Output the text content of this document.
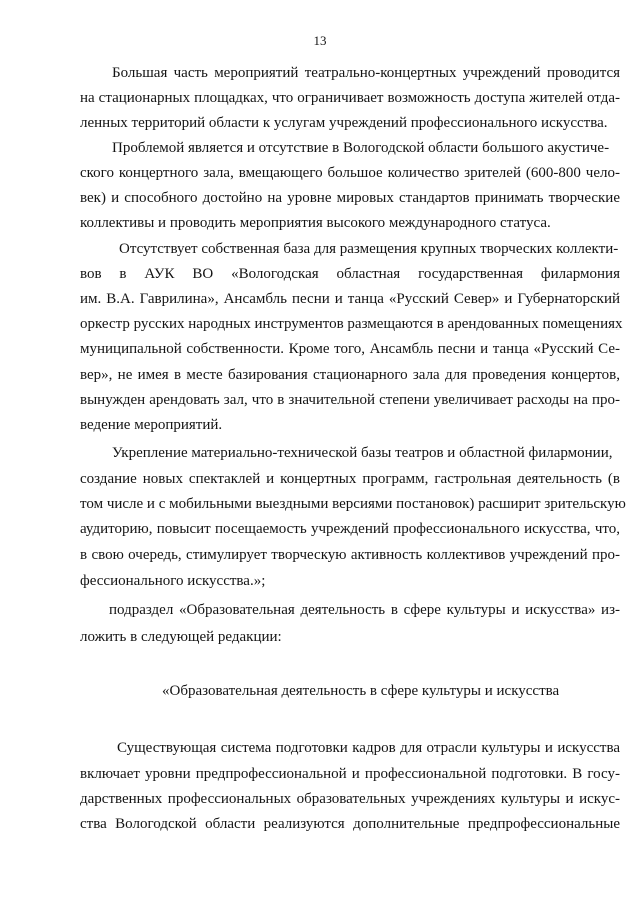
13
Большая часть мероприятий театрально-концертных учреждений проводится
на стационарных площадках, что ограничивает возможность доступа жителей отда-
ленных территорий области к услугам учреждений профессионального искусства.
Проблемой является и отсутствие в Вологодской области большого акустиче-
ского концертного зала, вмещающего большое количество зрителей (600-800 чело-
век) и способного достойно на уровне мировых стандартов принимать творческие
коллективы и проводить мероприятия высокого международного статуса.
Отсутствует собственная база для размещения крупных творческих коллекти-
вов в АУК ВО «Вологодская областная государственная филармония
им. В.А. Гаврилина», Ансамбль песни и танца «Русский Север» и Губернаторский
оркестр русских народных инструментов размещаются в арендованных помещениях
муниципальной собственности. Кроме того, Ансамбль песни и танца «Русский Се-
вер», не имея в месте базирования стационарного зала для проведения концертов,
вынужден арендовать зал, что в значительной степени увеличивает расходы на про-
ведение мероприятий.
Укрепление материально-технической базы театров и областной филармонии,
создание новых спектаклей и концертных программ, гастрольная деятельность (в
том числе и с мобильными выездными версиями постановок) расширит зрительскую
аудиторию, повысит посещаемость учреждений профессионального искусства, что,
в свою очередь, стимулирует творческую активность коллективов учреждений про-
фессионального искусства.»;
подраздел «Образовательная деятельность в сфере культуры и искусства» из-
ложить в следующей редакции:
«Образовательная деятельность в сфере культуры и искусства
Существующая система подготовки кадров для отрасли культуры и искусства
включает уровни предпрофессиональной и профессиональной подготовки. В госу-
дарственных профессиональных образовательных учреждениях культуры и искус-
ства Вологодской области реализуются дополнительные предпрофессиональные
